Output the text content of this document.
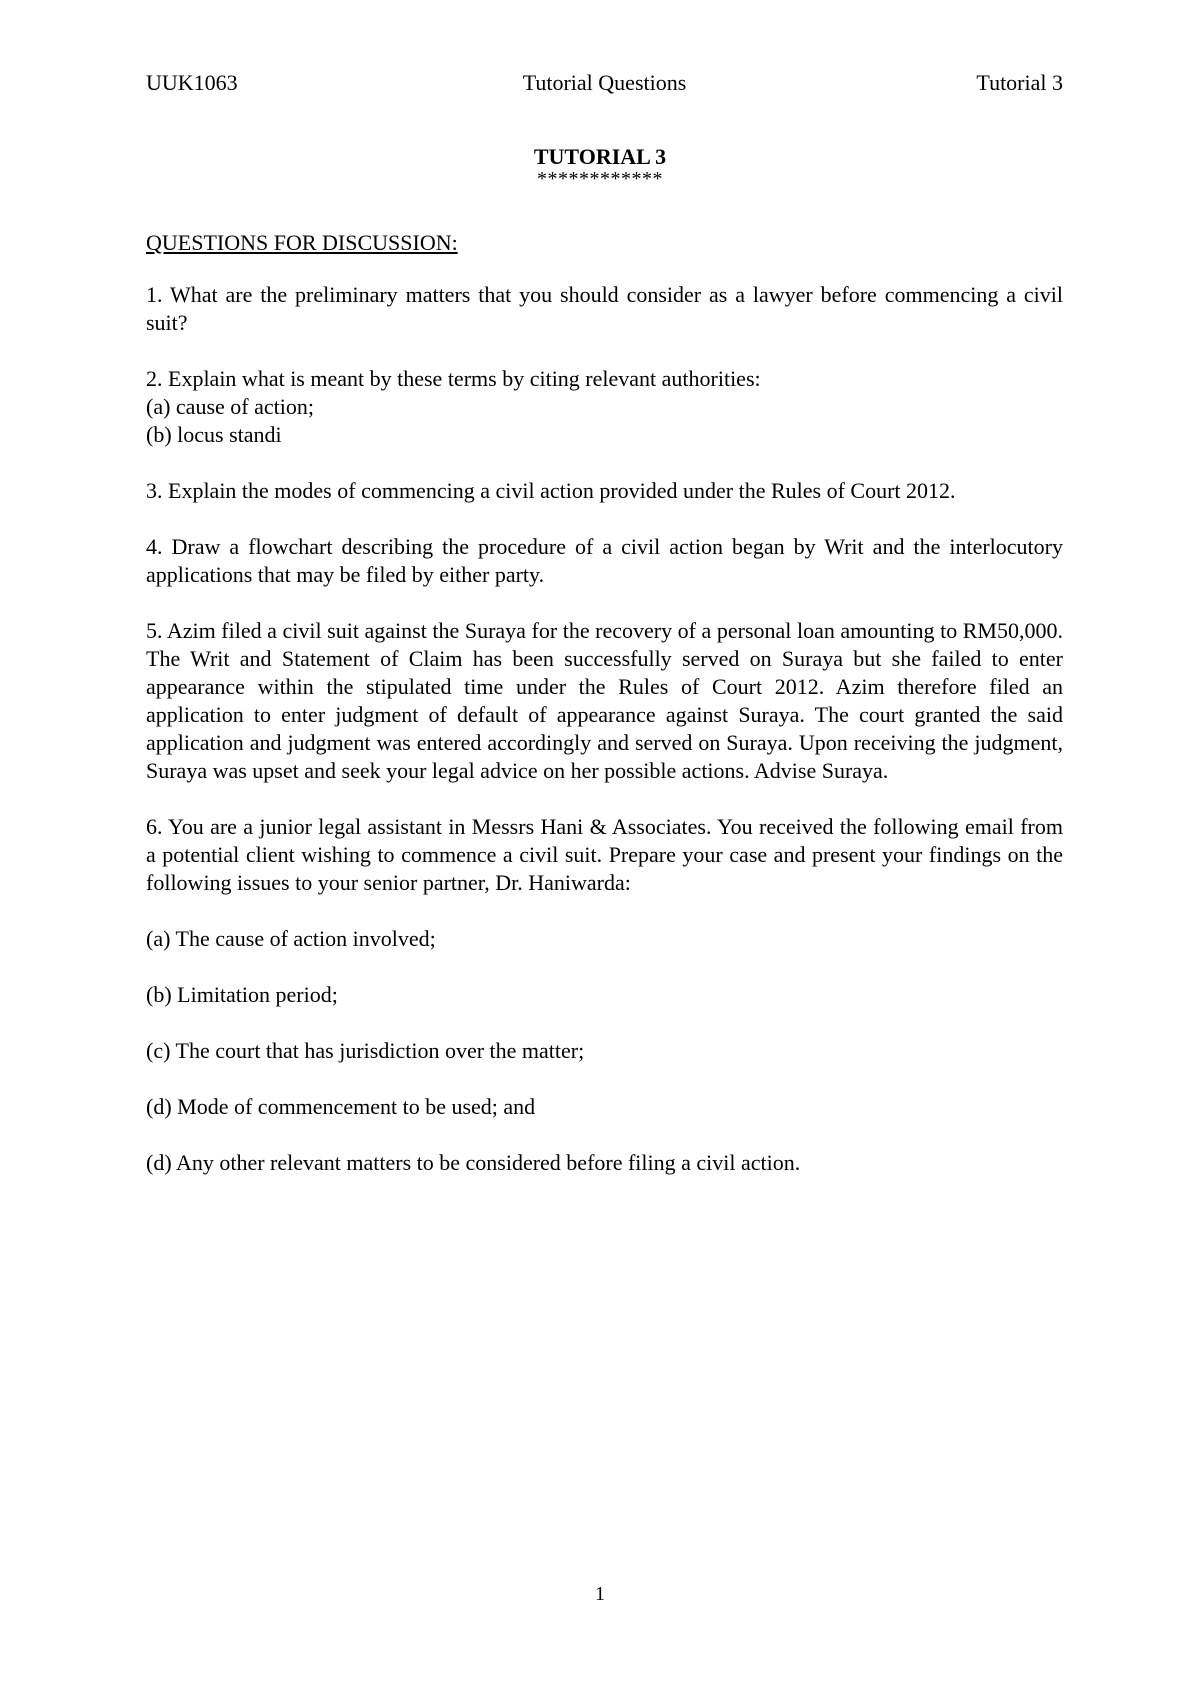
UUK1063	Tutorial Questions	Tutorial 3
TUTORIAL 3
************
QUESTIONS FOR DISCUSSION:
1. What are the preliminary matters that you should consider as a lawyer before commencing a civil suit?
2. Explain what is meant by these terms by citing relevant authorities:
(a) cause of action;
(b) locus standi
3. Explain the modes of commencing a civil action provided under the Rules of Court 2012.
4. Draw a flowchart describing the procedure of a civil action began by Writ and the interlocutory applications that may be filed by either party.
5. Azim filed a civil suit against the Suraya for the recovery of a personal loan amounting to RM50,000. The Writ and Statement of Claim has been successfully served on Suraya but she failed to enter appearance within the stipulated time under the Rules of Court 2012. Azim therefore filed an application to enter judgment of default of appearance against Suraya. The court granted the said application and judgment was entered accordingly and served on Suraya. Upon receiving the judgment, Suraya was upset and seek your legal advice on her possible actions. Advise Suraya.
6. You are a junior legal assistant in Messrs Hani & Associates. You received the following email from a potential client wishing to commence a civil suit. Prepare your case and present your findings on the following issues to your senior partner, Dr. Haniwarda:
(a) The cause of action involved;
(b) Limitation period;
(c) The court that has jurisdiction over the matter;
(d) Mode of commencement to be used; and
(d) Any other relevant matters to be considered before filing a civil action.
1
